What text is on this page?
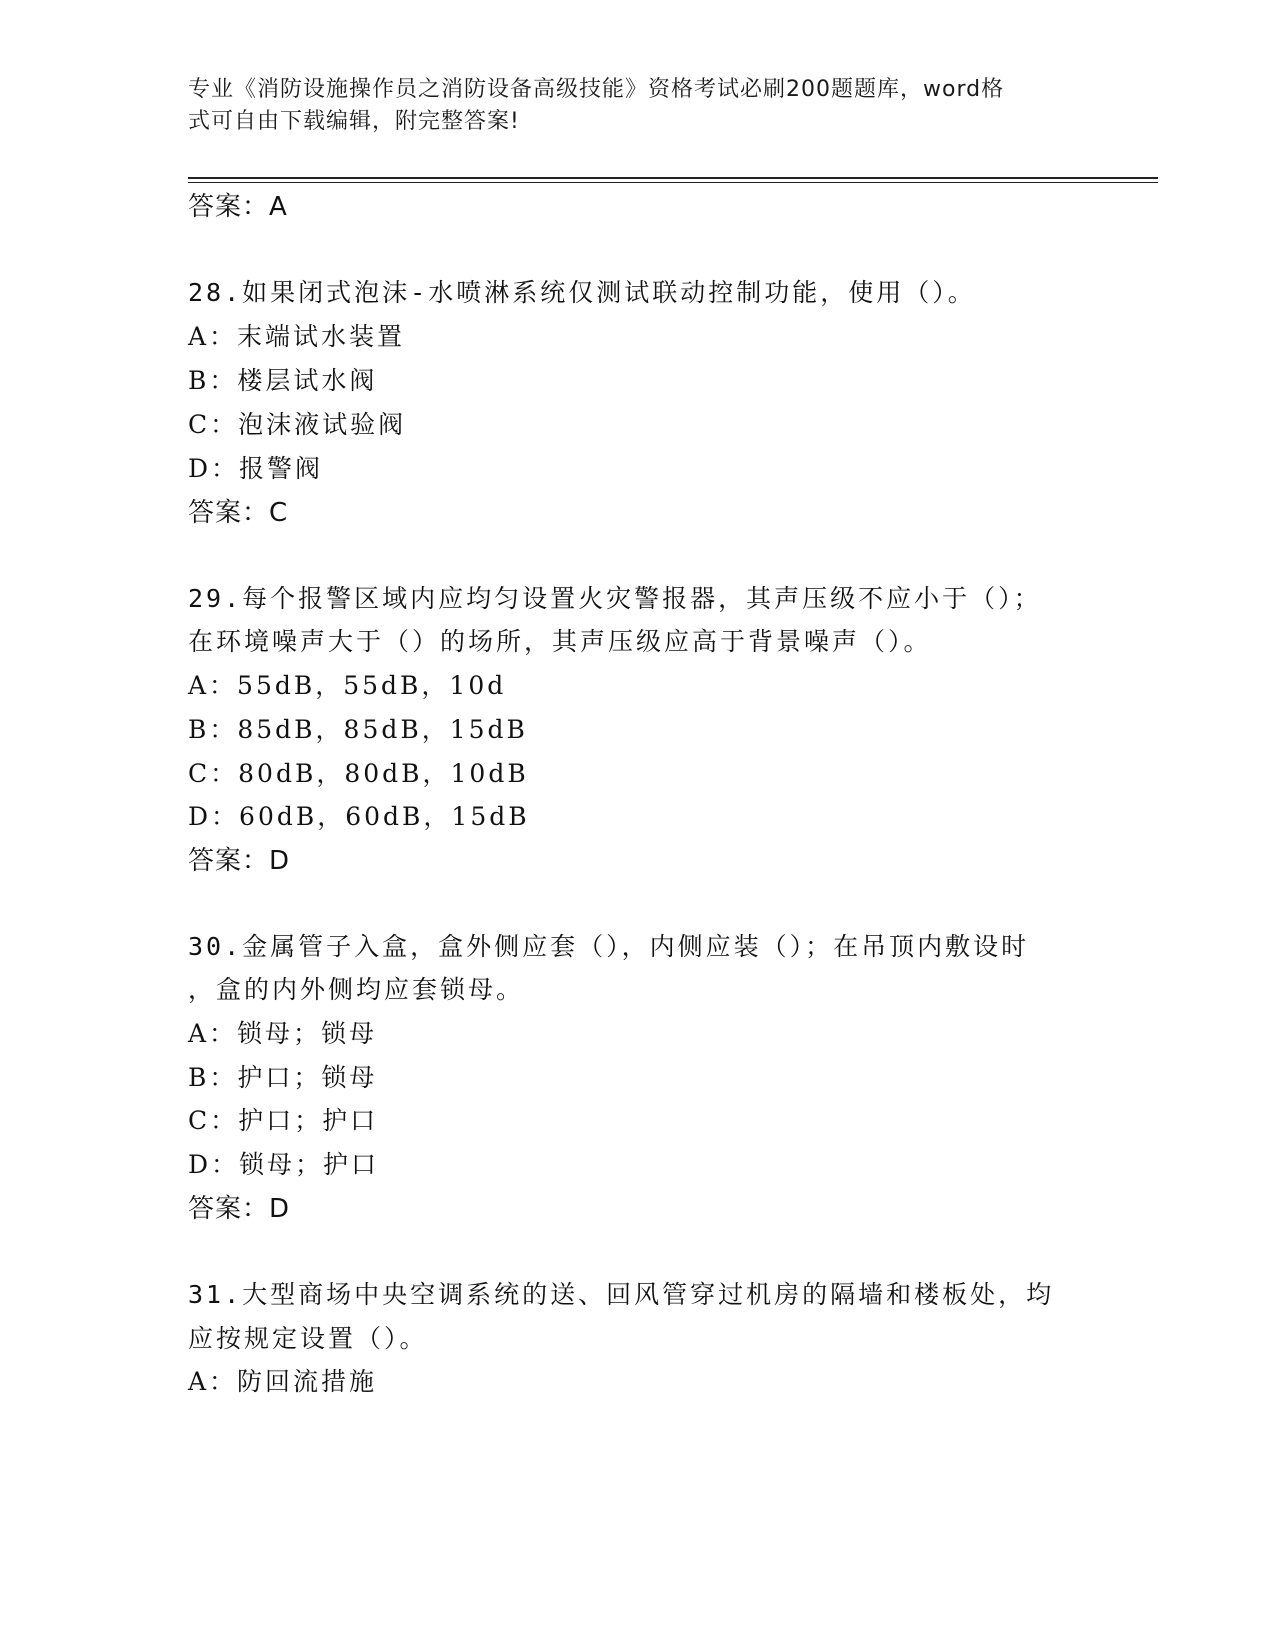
专业《消防设施操作员之消防设备高级技能》资格考试必刷200题题库，word格
式可自由下载编辑，附完整答案!
答案：A
28.如果闭式泡沫-水喷淋系统仅测试联动控制功能，使用（）。
A：末端试水装置
B：楼层试水阀
C：泡沫液试验阀
D：报警阀
答案：C
29.每个报警区域内应均匀设置火灾警报器，其声压级不应小于（）；
在环境噪声大于（）的场所，其声压级应高于背景噪声（）。
A：55dB，55dB，10d
B：85dB，85dB，15dB
C：80dB，80dB，10dB
D：60dB，60dB，15dB
答案：D
30.金属管子入盒，盒外侧应套（），内侧应装（）；在吊顶内敷设时
，盒的内外侧均应套锁母。
A：锁母；锁母
B：护口；锁母
C：护口；护口
D：锁母；护口
答案：D
31.大型商场中央空调系统的送、回风管穿过机房的隔墙和楼板处，均
应按规定设置（）。
A：防回流措施
